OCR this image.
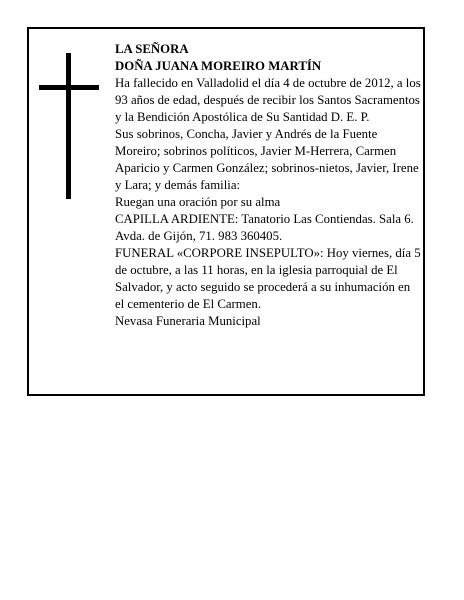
LA SEÑORA

DOÑA JUANA MOREIRO MARTÍN

Ha fallecido en Valladolid el día 4 de octubre de 2012, a los 93 años de edad, después de recibir los Santos Sacramentos y la Bendición Apostólica de Su Santidad D. E. P.

Sus sobrinos, Concha, Javier y Andrés de la Fuente Moreiro; sobrinos políticos, Javier M-Herrera, Carmen Aparicio y Carmen González; sobrinos-nietos, Javier, Irene y Lara; y demás familia:

Ruegan una oración por su alma

CAPILLA ARDIENTE: Tanatorio Las Contiendas. Sala 6. Avda. de Gijón, 71. 983 360405.

FUNERAL «CORPORE INSEPULTO»: Hoy viernes, día 5 de octubre, a las 11 horas, en la iglesia parroquial de El Salvador, y acto seguido se procederá a su inhumación en el cementerio de El Carmen.

Nevasa Funeraria Municipal
